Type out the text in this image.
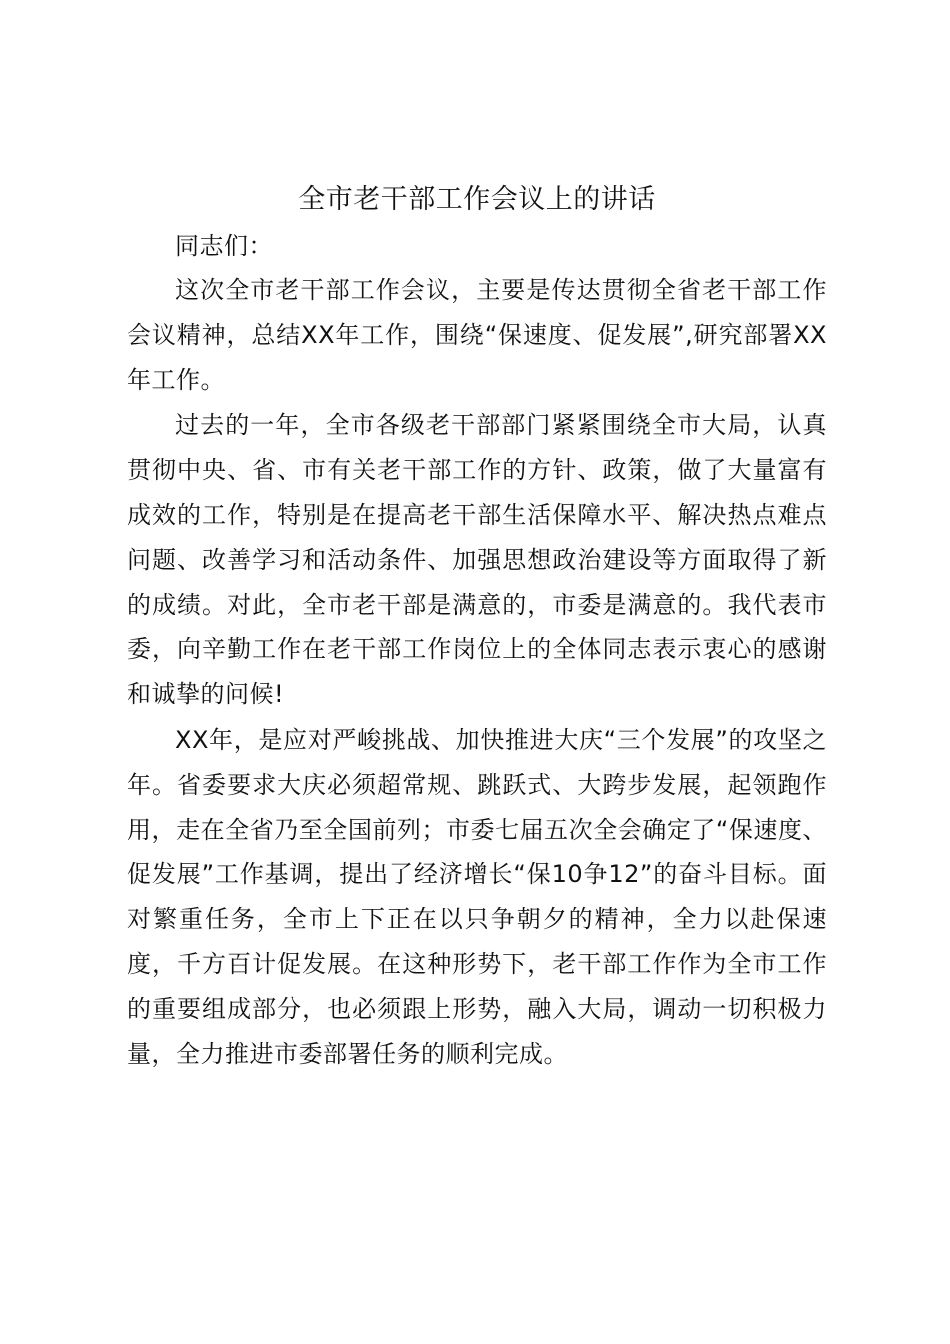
全市老干部工作会议上的讲话

同志们：

这次全市老干部工作会议，主要是传达贯彻全省老干部工作会议精神，总结XX年工作，围绕“保速度、促发展”,研究部署XX年工作。

过去的一年，全市各级老干部部门紧紧围绕全市大局，认真贯彻中央、省、市有关老干部工作的方针、政策，做了大量富有成效的工作，特别是在提高老干部生活保障水平、解决热点难点问题、改善学习和活动条件、加强思想政治建设等方面取得了新的成绩。对此，全市老干部是满意的，市委是满意的。我代表市委，向辛勤工作在老干部工作岗位上的全体同志表示衷心的感谢和诚挚的问候!

XX年，是应对严峻挑战、加快推进大庆“三个发展”的攻坚之年。省委要求大庆必须超常规、跳跃式、大跨步发展，起领跑作用，走在全省乃至全国前列；市委七届五次全会确定了“保速度、促发展”工作基调，提出了经济增长“保10争12”的奋斗目标。面对繁重任务，全市上下正在以只争朝夕的精神，全力以赴保速度，千方百计促发展。在这种形势下，老干部工作作为全市工作的重要组成部分，也必须跟上形势，融入大局，调动一切积极力量，全力推进市委部署任务的顺利完成。
